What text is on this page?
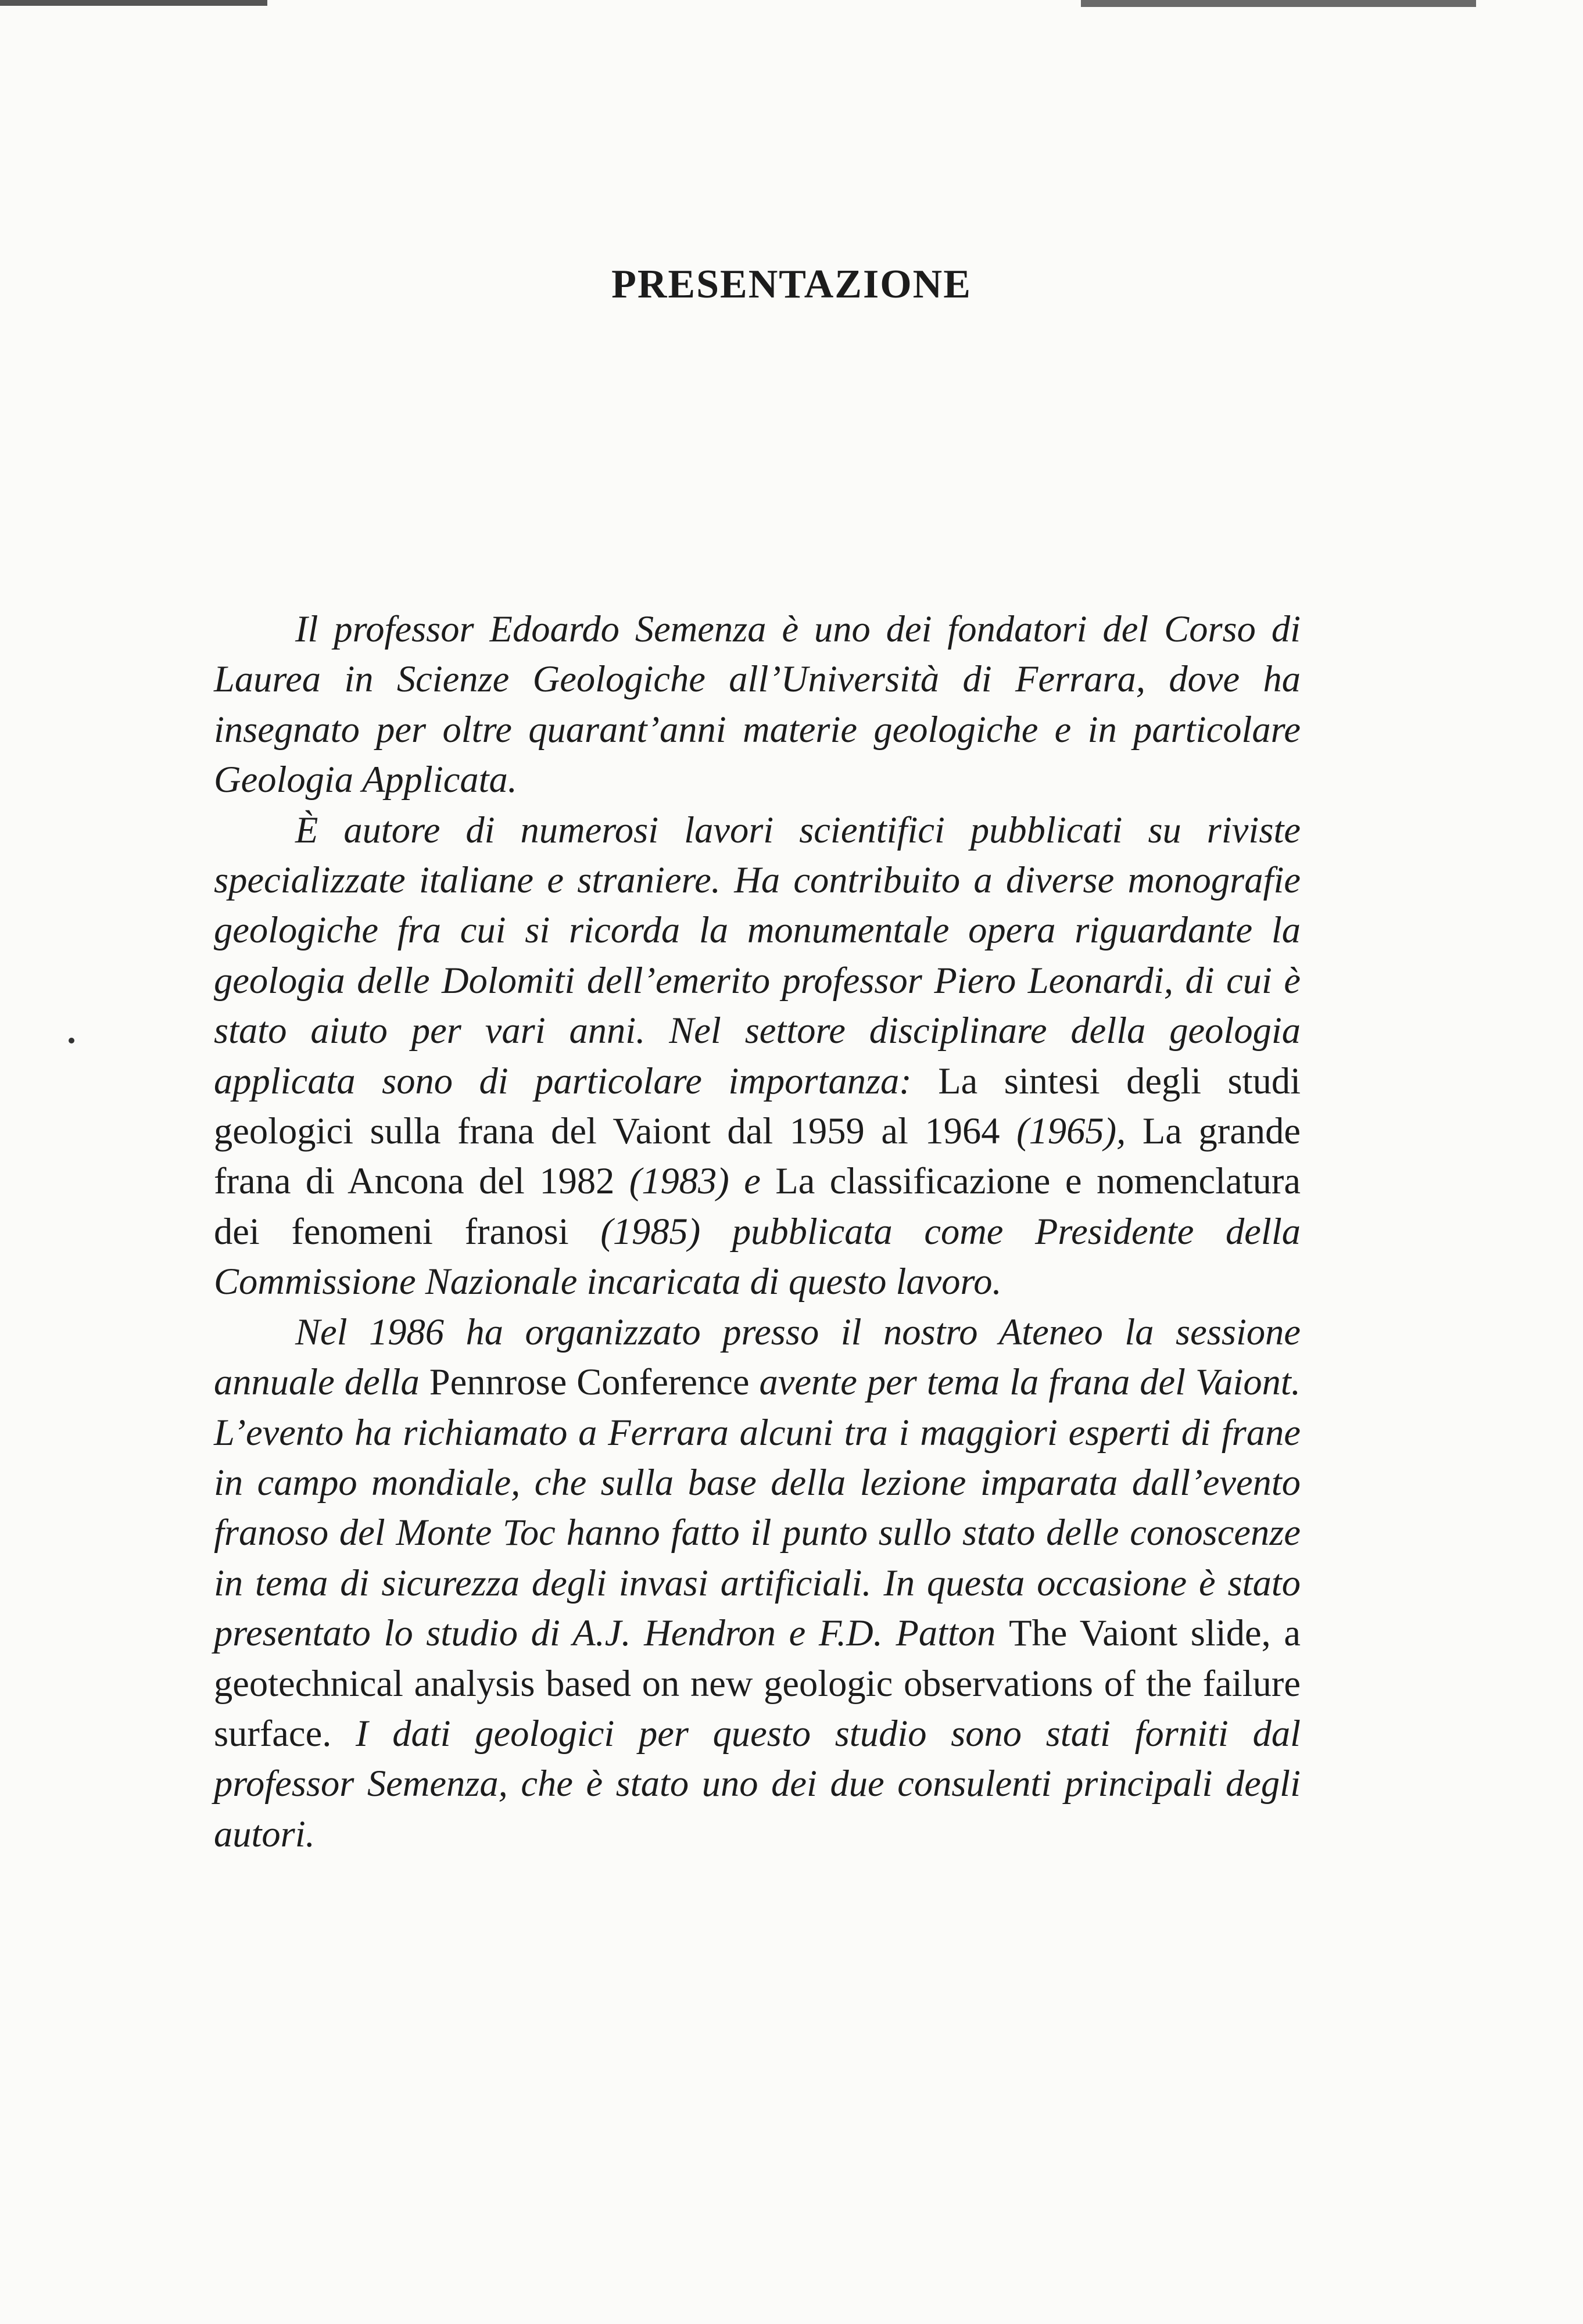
PRESENTAZIONE

Il professor Edoardo Semenza è uno dei fondatori del Corso di Laurea in Scienze Geologiche all’Università di Ferrara, dove ha insegnato per oltre quarant’anni materie geologiche e in particolare Geologia Applicata.

È autore di numerosi lavori scientifici pubblicati su riviste specializzate italiane e straniere. Ha contribuito a diverse monografie geologiche fra cui si ricorda la monumentale opera riguardante la geologia delle Dolomiti dell’emerito professor Piero Leonardi, di cui è stato aiuto per vari anni. Nel settore disciplinare della geologia applicata sono di particolare importanza: La sintesi degli studi geologici sulla frana del Vaiont dal 1959 al 1964 (1965), La grande frana di Ancona del 1982 (1983) e La classificazione e nomenclatura dei fenomeni franosi (1985) pubblicata come Presidente della Commissione Nazionale incaricata di questo lavoro.

Nel 1986 ha organizzato presso il nostro Ateneo la sessione annuale della Pennrose Conference avente per tema la frana del Vaiont. L’evento ha richiamato a Ferrara alcuni tra i maggiori esperti di frane in campo mondiale, che sulla base della lezione imparata dall’evento franoso del Monte Toc hanno fatto il punto sullo stato delle conoscenze in tema di sicurezza degli invasi artificiali. In questa occasione è stato presentato lo studio di A.J. Hendron e F.D. Patton The Vaiont slide, a geotechnical analysis based on new geologic observations of the failure surface. I dati geologici per questo studio sono stati forniti dal professor Semenza, che è stato uno dei due consulenti principali degli autori.
